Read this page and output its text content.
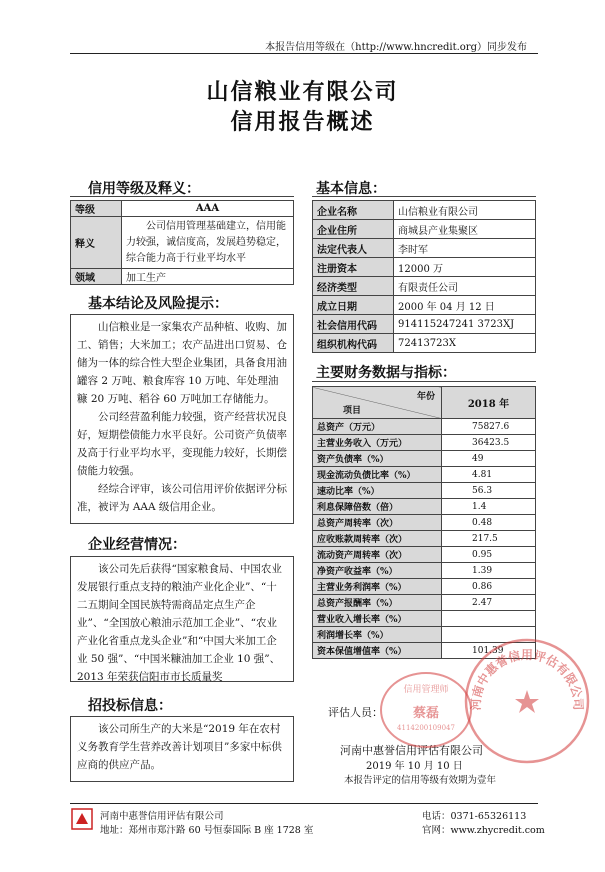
本报告信用等级在（http://www.hncredit.org）同步发布
山信粮业有限公司
信用报告概述
信用等级及释义：
等级	AAA
释义	公司信用管理基础建立，信用能力较强，诚信度高，发展趋势稳定，综合能力高于行业平均水平
领域	加工生产
基本结论及风险提示：

山信粮业是一家集农产品种植、收购、加工、销售；大米加工；农产品进出口贸易、仓储为一体的综合性大型企业集团，具备食用油罐容 2 万吨、粮食库容 10 万吨、年处理油糠 20 万吨、稻谷 60 万吨加工存储能力。

公司经营盈利能力较强，资产经营状况良好，短期偿债能力水平良好。公司资产负债率及高于行业平均水平，变现能力较好，长期偿债能力较强。

经综合评审，该公司信用评价依据评分标准，被评为 AAA 级信用企业。

企业经营情况：

该公司先后获得“国家粮食局、中国农业发展银行重点支持的粮油产业化企业”、“十二五期间全国民族特需商品定点生产企业”、“全国放心粮油示范加工企业”、“农业产业化省重点龙头企业”和“中国大米加工企业 50 强”、“中国米糠油加工企业 10 强”、2013 年荣获信阳市市长质量奖

招投标信息：

该公司所生产的大米是“2019 年在农村义务教育学生营养改善计划项目”多家中标供应商的供应产品。

基本信息：
企业名称	山信粮业有限公司
企业住所	商城县产业集聚区
法定代表人	李时军
注册资本	12000 万
经济类型	有限责任公司
成立日期	2000 年 04 月 12 日
社会信用代码	914115247241 3723XJ
组织机构代码	72413723X
主要财务数据与指标：
年份
项目	2018 年
总资产（万元）	75827.6
主营业务收入（万元）	36423.5
资产负债率（%）	49
现金流动负债比率（%）	4.81
速动比率（%）	56.3
利息保障倍数（倍）	1.4
总资产周转率（次）	0.48
应收账款周转率（次）	217.5
流动资产周转率（次）	0.95
净资产收益率（%）	1.39
主营业务利润率（%）	0.86
总资产报酬率（%）	2.47
营业收入增长率（%）	
利润增长率（%）	
资本保值增值率（%）	101.39
评估人员：
河南中惠誉信用评估有限公司
2019 年 10 月 10 日
本报告评定的信用等级有效期为壹年
信用管理师
蔡磊
4114200109047
河南中惠誉信用评估有限公司
河南中惠誉信用评估有限公司
地址：郑州市郑汴路 60 号恒泰国际 B 座 1728 室
电话：0371-65326113
官网：www.zhycredit.com
